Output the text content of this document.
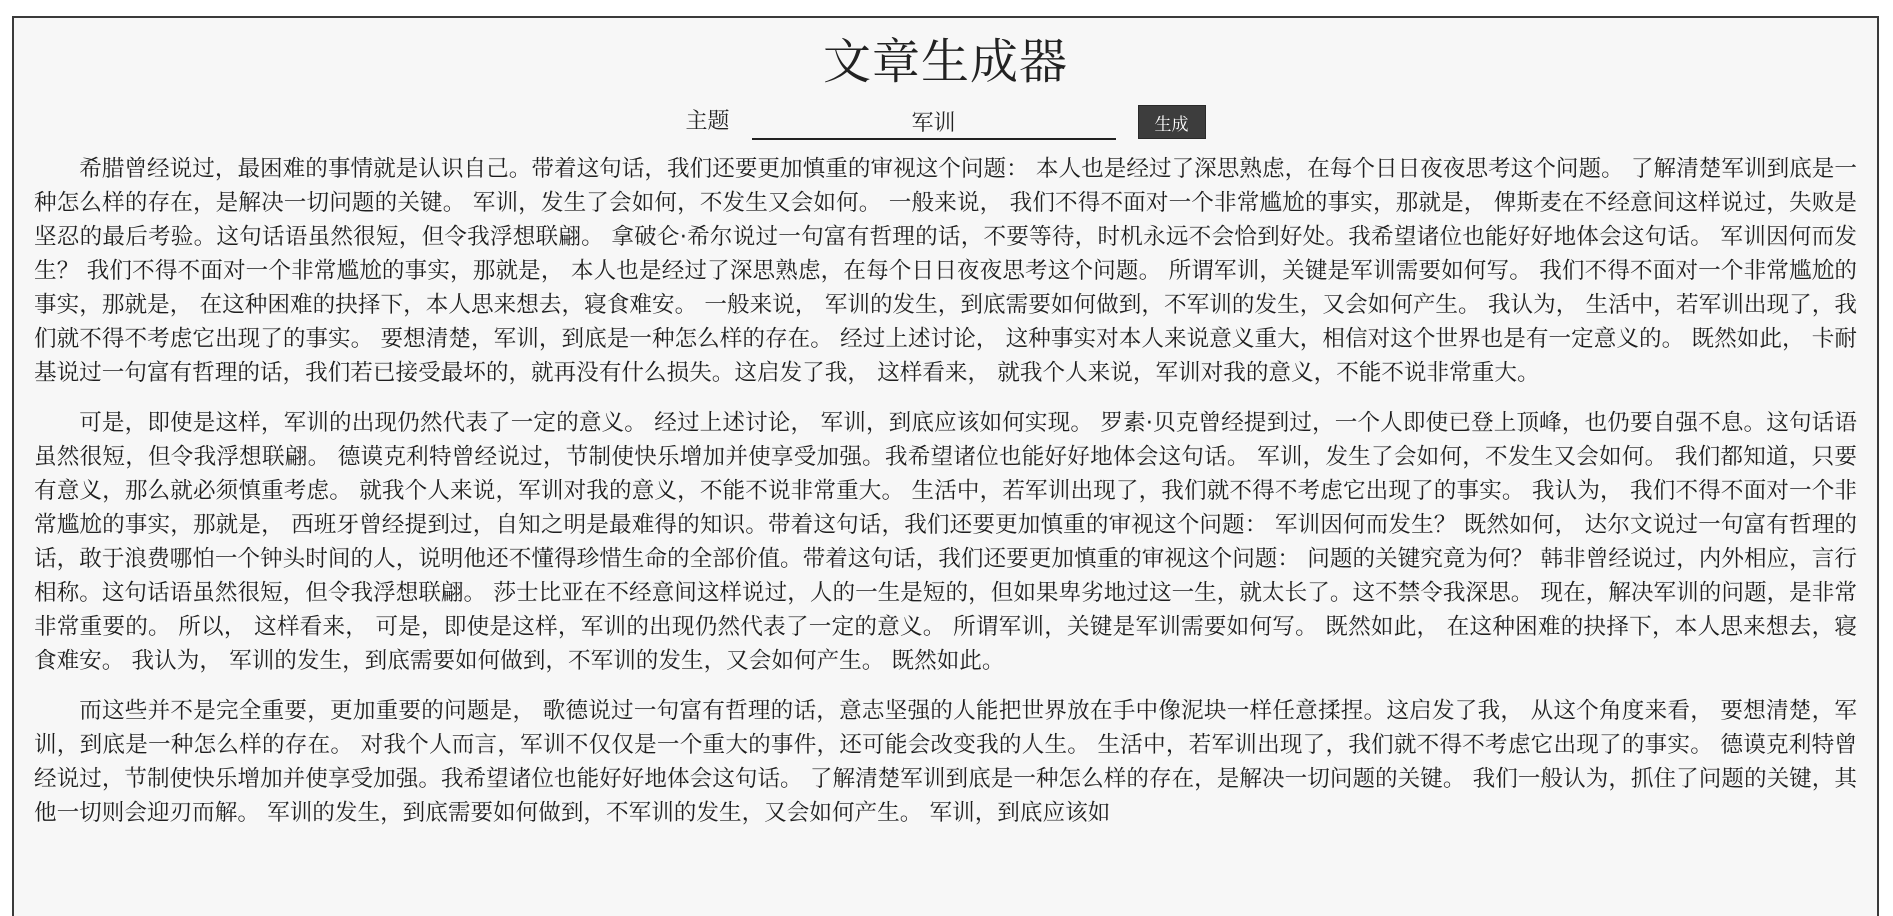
文章生成器
主题
军训	生成

希腊曾经说过，最困难的事情就是认识自己。带着这句话，我们还要更加慎重的审视这个问题： 本人也是经过了深思熟虑，在每个日日夜夜思考这个问题。 了解清楚军训到底是一种怎么样的存在，是解决一切问题的关键。 军训，发生了会如何，不发生又会如何。 一般来说， 我们不得不面对一个非常尴尬的事实，那就是， 俾斯麦在不经意间这样说过，失败是坚忍的最后考验。这句话语虽然很短，但令我浮想联翩。 拿破仑·希尔说过一句富有哲理的话，不要等待，时机永远不会恰到好处。我希望诸位也能好好地体会这句话。 军训因何而发生？ 我们不得不面对一个非常尴尬的事实，那就是， 本人也是经过了深思熟虑，在每个日日夜夜思考这个问题。 所谓军训，关键是军训需要如何写。 我们不得不面对一个非常尴尬的事实，那就是， 在这种困难的抉择下，本人思来想去，寝食难安。 一般来说， 军训的发生，到底需要如何做到，不军训的发生，又会如何产生。 我认为， 生活中，若军训出现了，我们就不得不考虑它出现了的事实。 要想清楚，军训，到底是一种怎么样的存在。 经过上述讨论， 这种事实对本人来说意义重大，相信对这个世界也是有一定意义的。 既然如此， 卡耐基说过一句富有哲理的话，我们若已接受最坏的，就再没有什么损失。这启发了我， 这样看来， 就我个人来说，军训对我的意义，不能不说非常重大。

可是，即使是这样，军训的出现仍然代表了一定的意义。 经过上述讨论， 军训，到底应该如何实现。 罗素·贝克曾经提到过，一个人即使已登上顶峰，也仍要自强不息。这句话语虽然很短，但令我浮想联翩。 德谟克利特曾经说过，节制使快乐增加并使享受加强。我希望诸位也能好好地体会这句话。 军训，发生了会如何，不发生又会如何。 我们都知道，只要有意义，那么就必须慎重考虑。 就我个人来说，军训对我的意义，不能不说非常重大。 生活中，若军训出现了，我们就不得不考虑它出现了的事实。 我认为， 我们不得不面对一个非常尴尬的事实，那就是， 西班牙曾经提到过，自知之明是最难得的知识。带着这句话，我们还要更加慎重的审视这个问题： 军训因何而发生？ 既然如何， 达尔文说过一句富有哲理的话，敢于浪费哪怕一个钟头时间的人，说明他还不懂得珍惜生命的全部价值。带着这句话，我们还要更加慎重的审视这个问题： 问题的关键究竟为何？ 韩非曾经说过，内外相应，言行相称。这句话语虽然很短，但令我浮想联翩。 莎士比亚在不经意间这样说过，人的一生是短的，但如果卑劣地过这一生，就太长了。这不禁令我深思。 现在，解决军训的问题，是非常非常重要的。 所以， 这样看来， 可是，即使是这样，军训的出现仍然代表了一定的意义。 所谓军训，关键是军训需要如何写。 既然如此， 在这种困难的抉择下，本人思来想去，寝食难安。 我认为， 军训的发生，到底需要如何做到，不军训的发生，又会如何产生。 既然如此。

而这些并不是完全重要，更加重要的问题是， 歌德说过一句富有哲理的话，意志坚强的人能把世界放在手中像泥块一样任意揉捏。这启发了我， 从这个角度来看， 要想清楚，军训，到底是一种怎么样的存在。 对我个人而言，军训不仅仅是一个重大的事件，还可能会改变我的人生。 生活中，若军训出现了，我们就不得不考虑它出现了的事实。 德谟克利特曾经说过，节制使快乐增加并使享受加强。我希望诸位也能好好地体会这句话。 了解清楚军训到底是一种怎么样的存在，是解决一切问题的关键。 我们一般认为，抓住了问题的关键，其他一切则会迎刃而解。 军训的发生，到底需要如何做到，不军训的发生，又会如何产生。 军训，到底应该如
